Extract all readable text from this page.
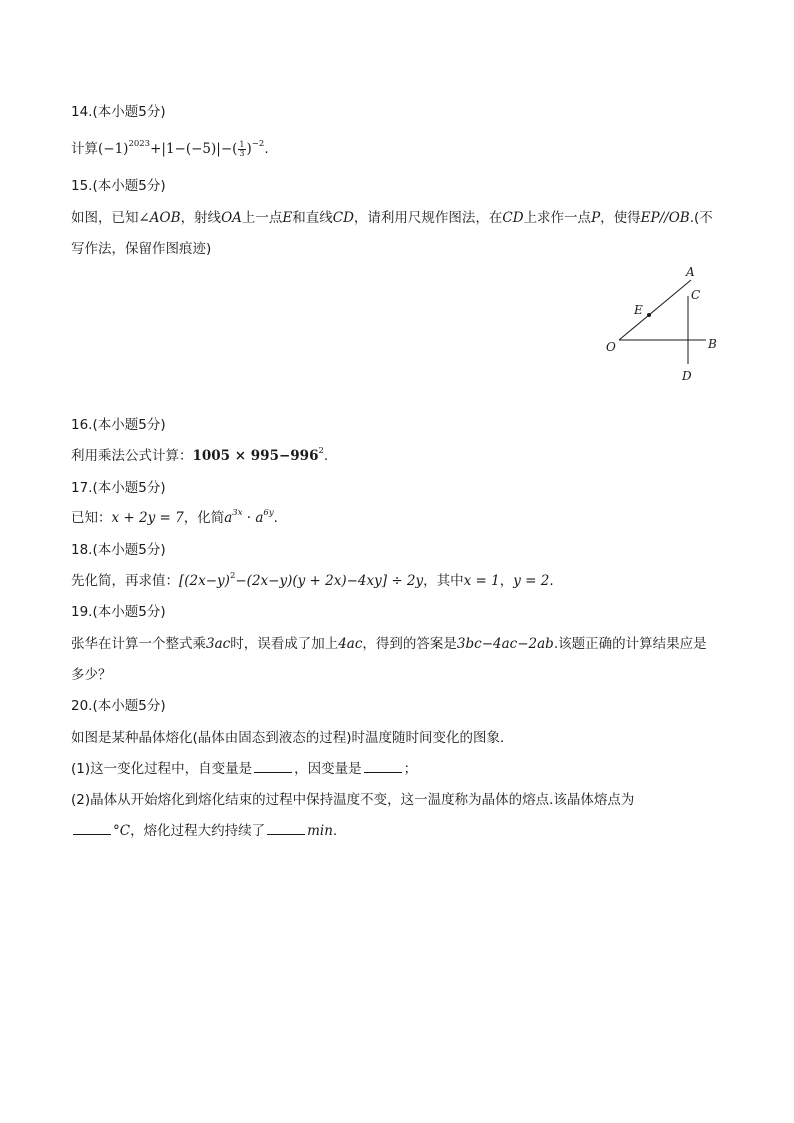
14.(本小题5分)
计算$(-1)^{2023}+|1-(-5)|-( \frac{1}{3} )^{-2}$.
15.(本小题5分)
如图，已知∠AOB，射线OA上一点E和直线CD，请利用尺规作图法，在CD上求作一点P，使得EP//OB.(不
写作法，保留作图痕迹)
A
C
E
O	B
D
16.(本小题5分)
利用乘法公式计算：$1005 \times 995-996^2$.
17.(本小题5分)
已知：x + 2y = 7，化简$a^{3x} \cdot a^{6y}$.
18.(本小题5分)
先化简，再求值：$[(2x-y)^2-(2x-y)(y + 2x)-4xy] \div 2y$，其中x = 1，y = 2.
19.(本小题5分)
张华在计算一个整式乘3ac时，误看成了加上4ac，得到的答案是3bc−4ac−2ab.该题正确的计算结果应是
多少？
20.(本小题5分)
如图是某种晶体熔化(晶体由固态到液态的过程)时温度随时间变化的图象．
(1)这一变化过程中，自变量是	，因变量是	；
(2)晶体从开始熔化到熔化结束的过程中保持温度不变，这一温度称为晶体的熔点.该晶体熔点为
°C，熔化过程大约持续了	min.
